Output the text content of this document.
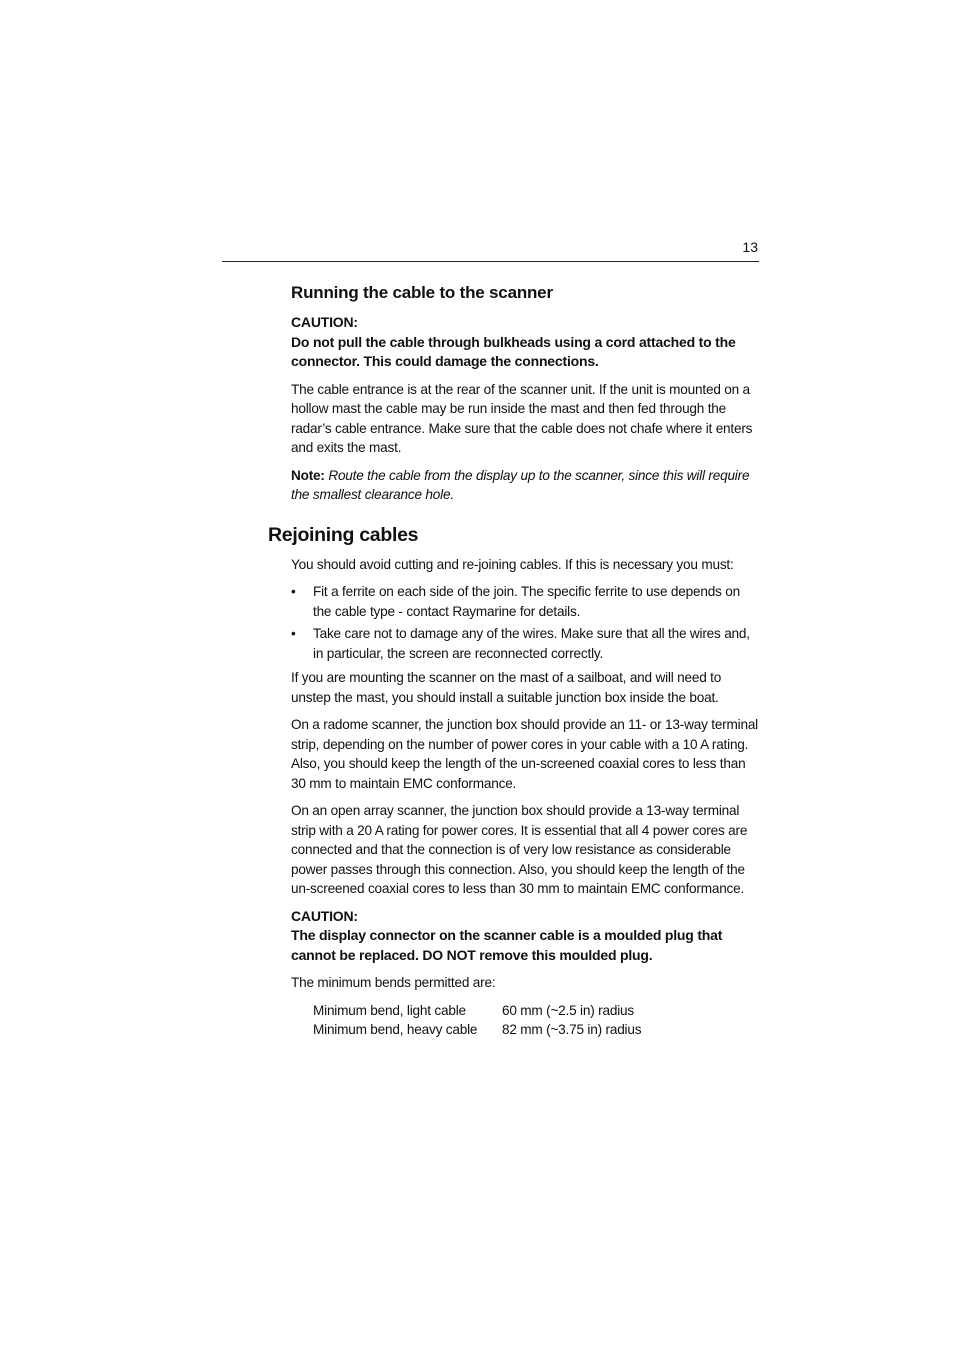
13
Running the cable to the scanner
CAUTION:
Do not pull the cable through bulkheads using a cord attached to the connector. This could damage the connections.

The cable entrance is at the rear of the scanner unit. If the unit is mounted on a hollow mast the cable may be run inside the mast and then fed through the radar’s cable entrance. Make sure that the cable does not chafe where it enters and exits the mast.

Note: Route the cable from the display up to the scanner, since this will require the smallest clearance hole.

Rejoining cables

You should avoid cutting and re-joining cables. If this is necessary you must:

•	Fit a ferrite on each side of the join. The specific ferrite to use depends on the cable type - contact Raymarine for details.
•	Take care not to damage any of the wires. Make sure that all the wires and, in particular, the screen are reconnected correctly.

If you are mounting the scanner on the mast of a sailboat, and will need to unstep the mast, you should install a suitable junction box inside the boat.

On a radome scanner, the junction box should provide an 11- or 13-way terminal strip, depending on the number of power cores in your cable with a 10 A rating. Also, you should keep the length of the un-screened coaxial cores to less than 30 mm to maintain EMC conformance.

On an open array scanner, the junction box should provide a 13-way terminal strip with a 20 A rating for power cores. It is essential that all 4 power cores are connected and that the connection is of very low resistance as considerable power passes through this connection. Also, you should keep the length of the un-screened coaxial cores to less than 30 mm to maintain EMC conformance.

CAUTION:
The display connector on the scanner cable is a moulded plug that cannot be replaced. DO NOT remove this moulded plug.

The minimum bends permitted are:

Minimum bend, light cable	60 mm (~2.5 in) radius
Minimum bend, heavy cable	82 mm (~3.75 in) radius
